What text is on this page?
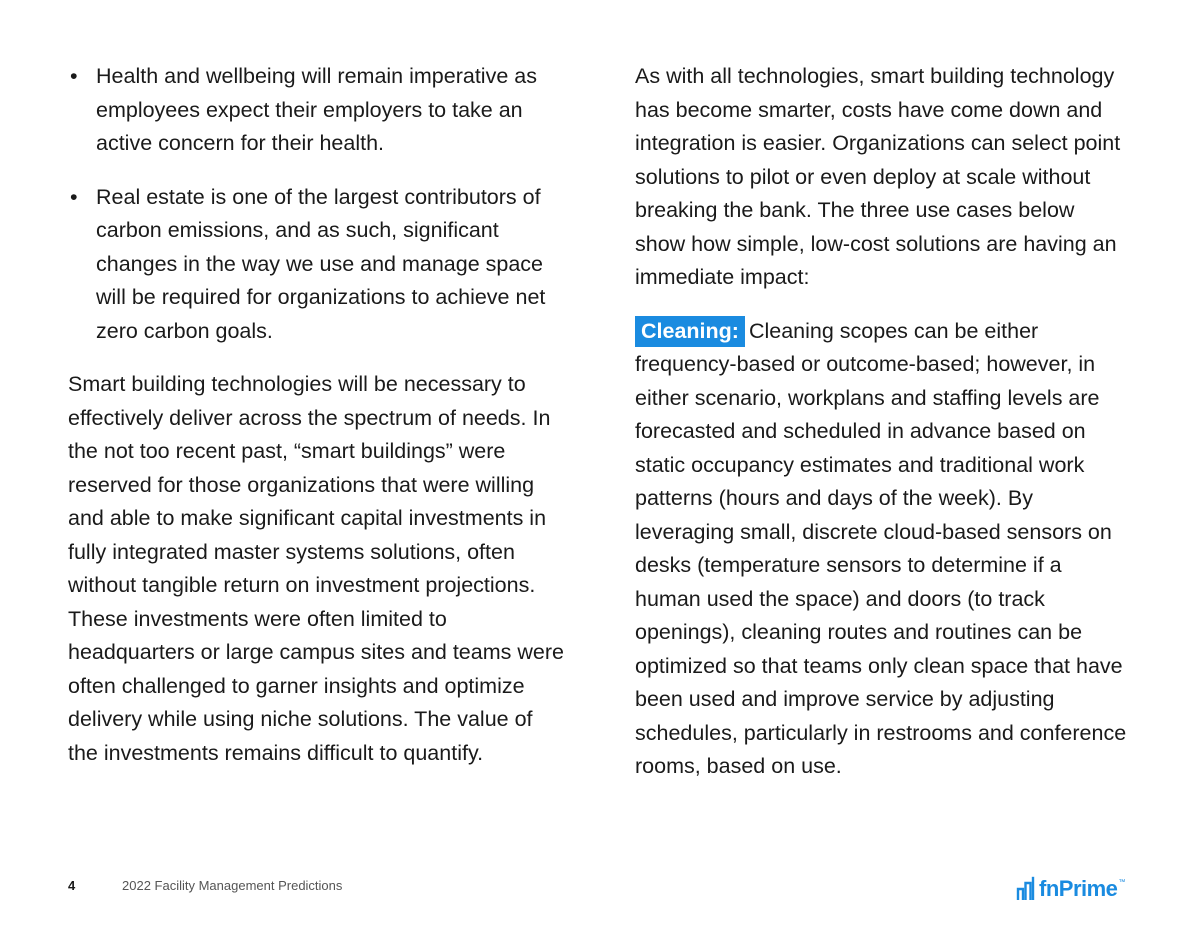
• Health and wellbeing will remain imperative as employees expect their employers to take an active concern for their health.
• Real estate is one of the largest contributors of carbon emissions, and as such, significant changes in the way we use and manage space will be required for organizations to achieve net zero carbon goals.

Smart building technologies will be necessary to effectively deliver across the spectrum of needs. In the not too recent past, “smart buildings” were reserved for those organizations that were willing and able to make significant capital investments in fully integrated master systems solutions, often without tangible return on investment projections. These investments were often limited to headquarters or large campus sites and teams were often challenged to garner insights and optimize delivery while using niche solutions. The value of the investments remains difficult to quantify.

As with all technologies, smart building technology has become smarter, costs have come down and integration is easier. Organizations can select point solutions to pilot or even deploy at scale without breaking the bank. The three use cases below show how simple, low-cost solutions are having an immediate impact:

Cleaning: Cleaning scopes can be either frequency-based or outcome-based; however, in either scenario, workplans and staffing levels are forecasted and scheduled in advance based on static occupancy estimates and traditional work patterns (hours and days of the week). By leveraging small, discrete cloud-based sensors on desks (temperature sensors to determine if a human used the space) and doors (to track openings), cleaning routes and routines can be optimized so that teams only clean space that have been used and improve service by adjusting schedules, particularly in restrooms and conference rooms, based on use.

4	2022 Facility Management Predictions	fnPrime ™
